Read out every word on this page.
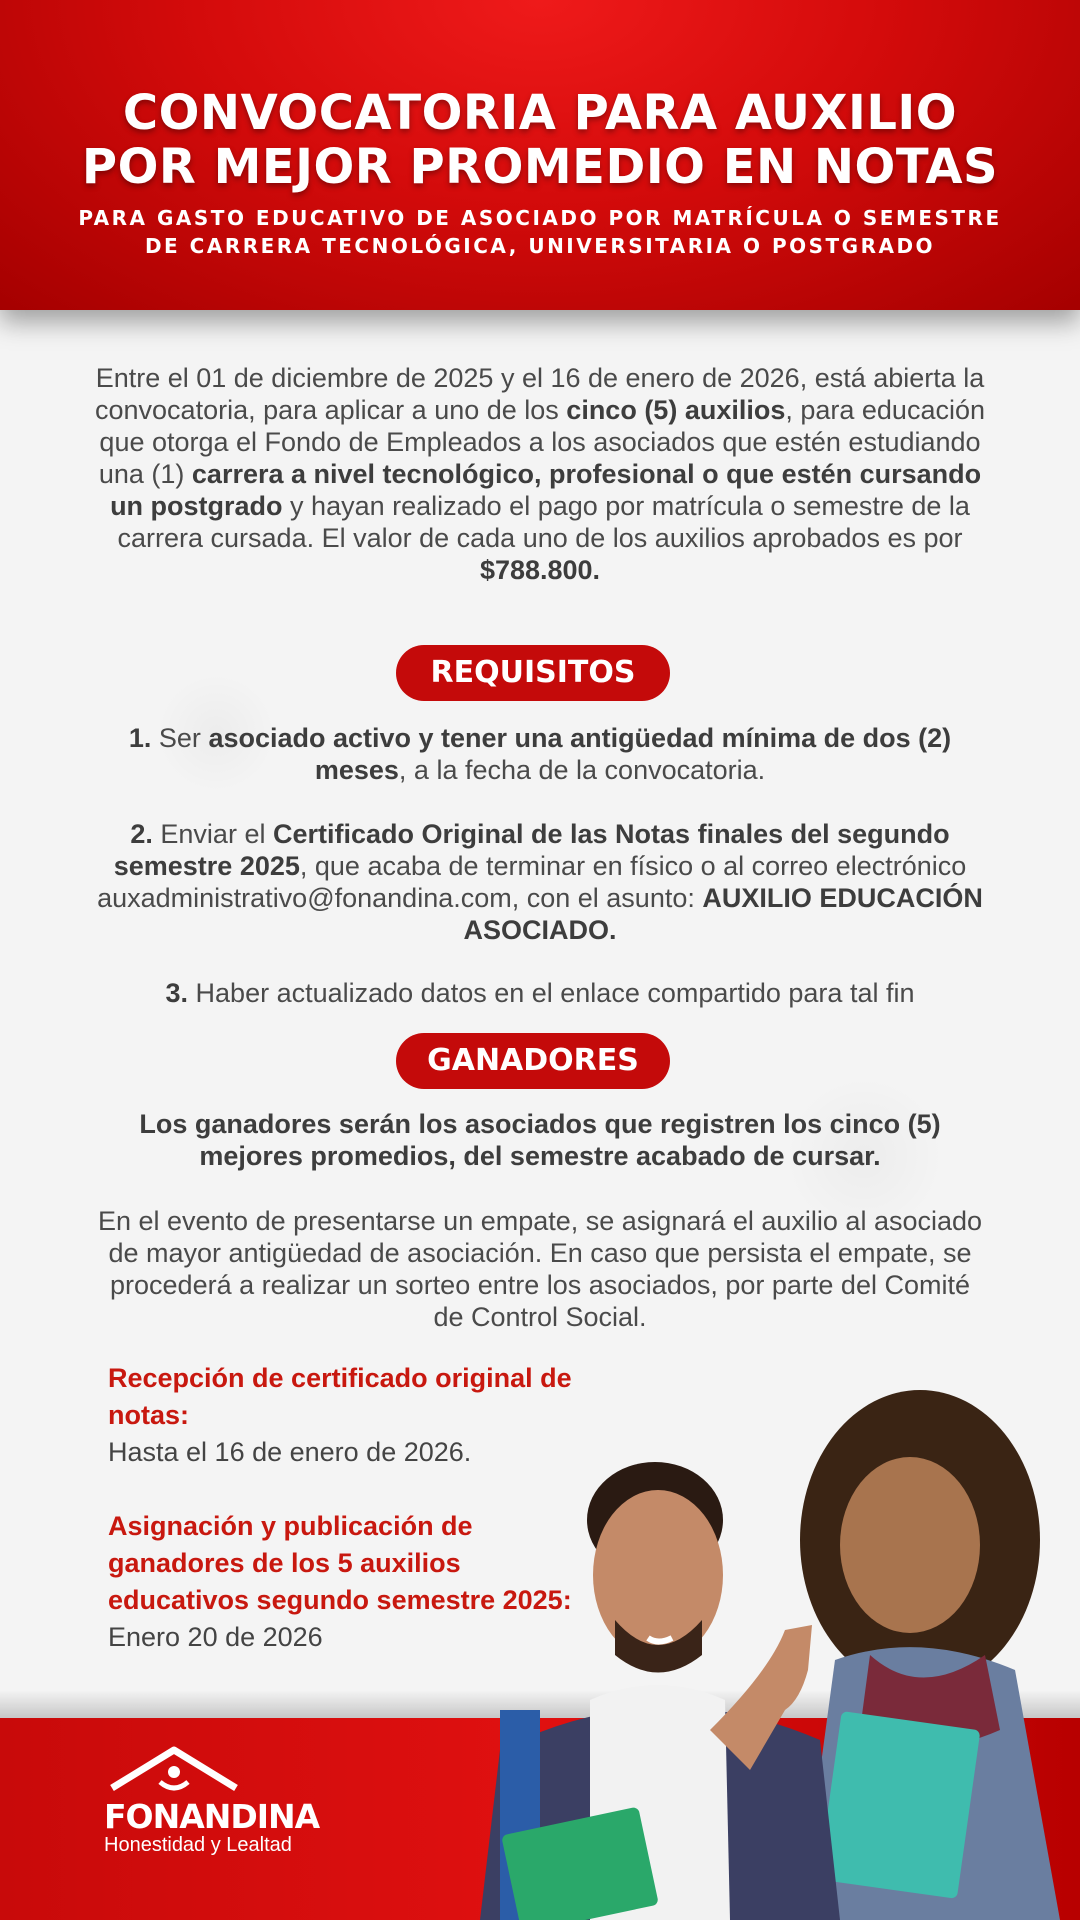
CONVOCATORIA PARA AUXILIO
POR MEJOR PROMEDIO EN NOTAS
PARA GASTO EDUCATIVO DE ASOCIADO POR MATRÍCULA O SEMESTRE
DE CARRERA TECNOLÓGICA, UNIVERSITARIA O POSTGRADO
Entre el 01 de diciembre de 2025 y el 16 de enero de 2026, está abierta la convocatoria, para aplicar a uno de los cinco (5) auxilios, para educación que otorga el Fondo de Empleados a los asociados que estén estudiando una (1) carrera a nivel tecnológico, profesional o que estén cursando un postgrado y hayan realizado el pago por matrícula o semestre de la carrera cursada. El valor de cada uno de los auxilios aprobados es por $788.800.
REQUISITOS
1. Ser asociado activo y tener una antigüedad mínima de dos (2) meses, a la fecha de la convocatoria.
2. Enviar el Certificado Original de las Notas finales del segundo semestre 2025, que acaba de terminar en físico o al correo electrónico auxadministrativo@fonandina.com, con el asunto: AUXILIO EDUCACIÓN ASOCIADO.
3. Haber actualizado datos en el enlace compartido para tal fin
GANADORES
Los ganadores serán los asociados que registren los cinco (5) mejores promedios, del semestre acabado de cursar.
En el evento de presentarse un empate, se asignará el auxilio al asociado de mayor antigüedad de asociación. En caso que persista el empate, se procederá a realizar un sorteo entre los asociados, por parte del Comité de Control Social.
Recepción de certificado original de notas:
Hasta el 16 de enero de 2026.
Asignación y publicación de ganadores de los 5 auxilios educativos segundo semestre 2025: Enero 20 de 2026
FONANDINA
Honestidad y Lealtad
